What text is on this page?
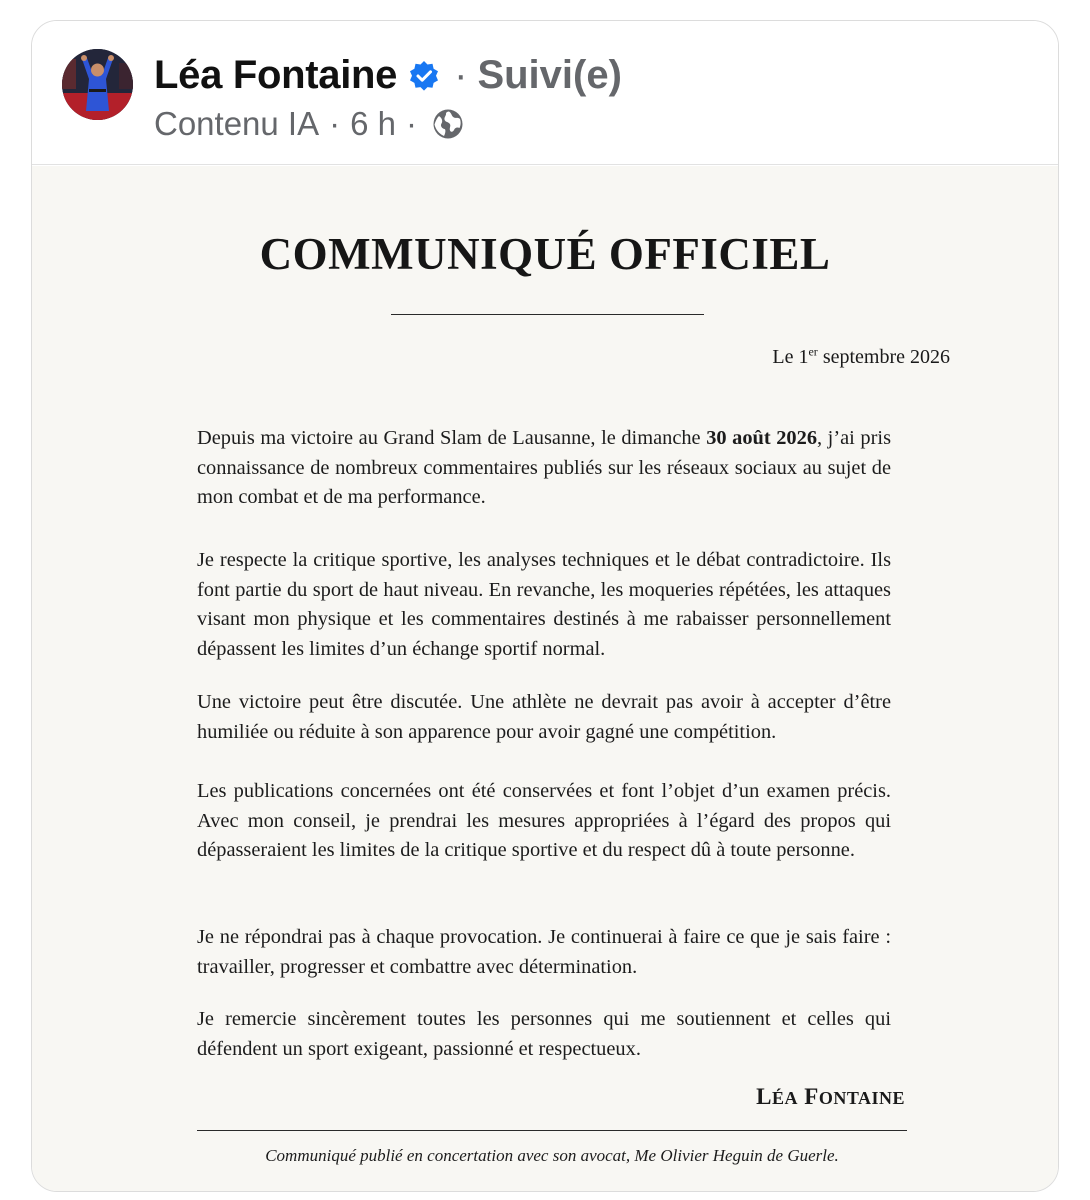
Léa Fontaine · Suivi(e)
Contenu IA · 6 h ·
COMMUNIQUÉ OFFICIEL
Le 1er septembre 2026

Depuis ma victoire au Grand Slam de Lausanne, le dimanche 30 août 2026, j’ai pris connaissance de nombreux commentaires publiés sur les réseaux sociaux au sujet de mon combat et de ma performance.

Je respecte la critique sportive, les analyses techniques et le débat contradictoire. Ils font partie du sport de haut niveau. En revanche, les moqueries répétées, les attaques visant mon physique et les commentaires destinés à me rabaisser personnellement dépassent les limites d’un échange sportif normal.

Une victoire peut être discutée. Une athlète ne devrait pas avoir à accepter d’être humiliée ou réduite à son apparence pour avoir gagné une compétition.

Les publications concernées ont été conservées et font l’objet d’un examen précis. Avec mon conseil, je prendrai les mesures appropriées à l’égard des propos qui dépasseraient les limites de la critique sportive et du respect dû à toute personne.

Je ne répondrai pas à chaque provocation. Je continuerai à faire ce que je sais faire : travailler, progresser et combattre avec détermination.

Je remercie sincèrement toutes les personnes qui me soutiennent et celles qui défendent un sport exigeant, passionné et respectueux.

LÉA FONTAINE
Communiqué publié en concertation avec son avocat, Me Olivier Heguin de Guerle.
